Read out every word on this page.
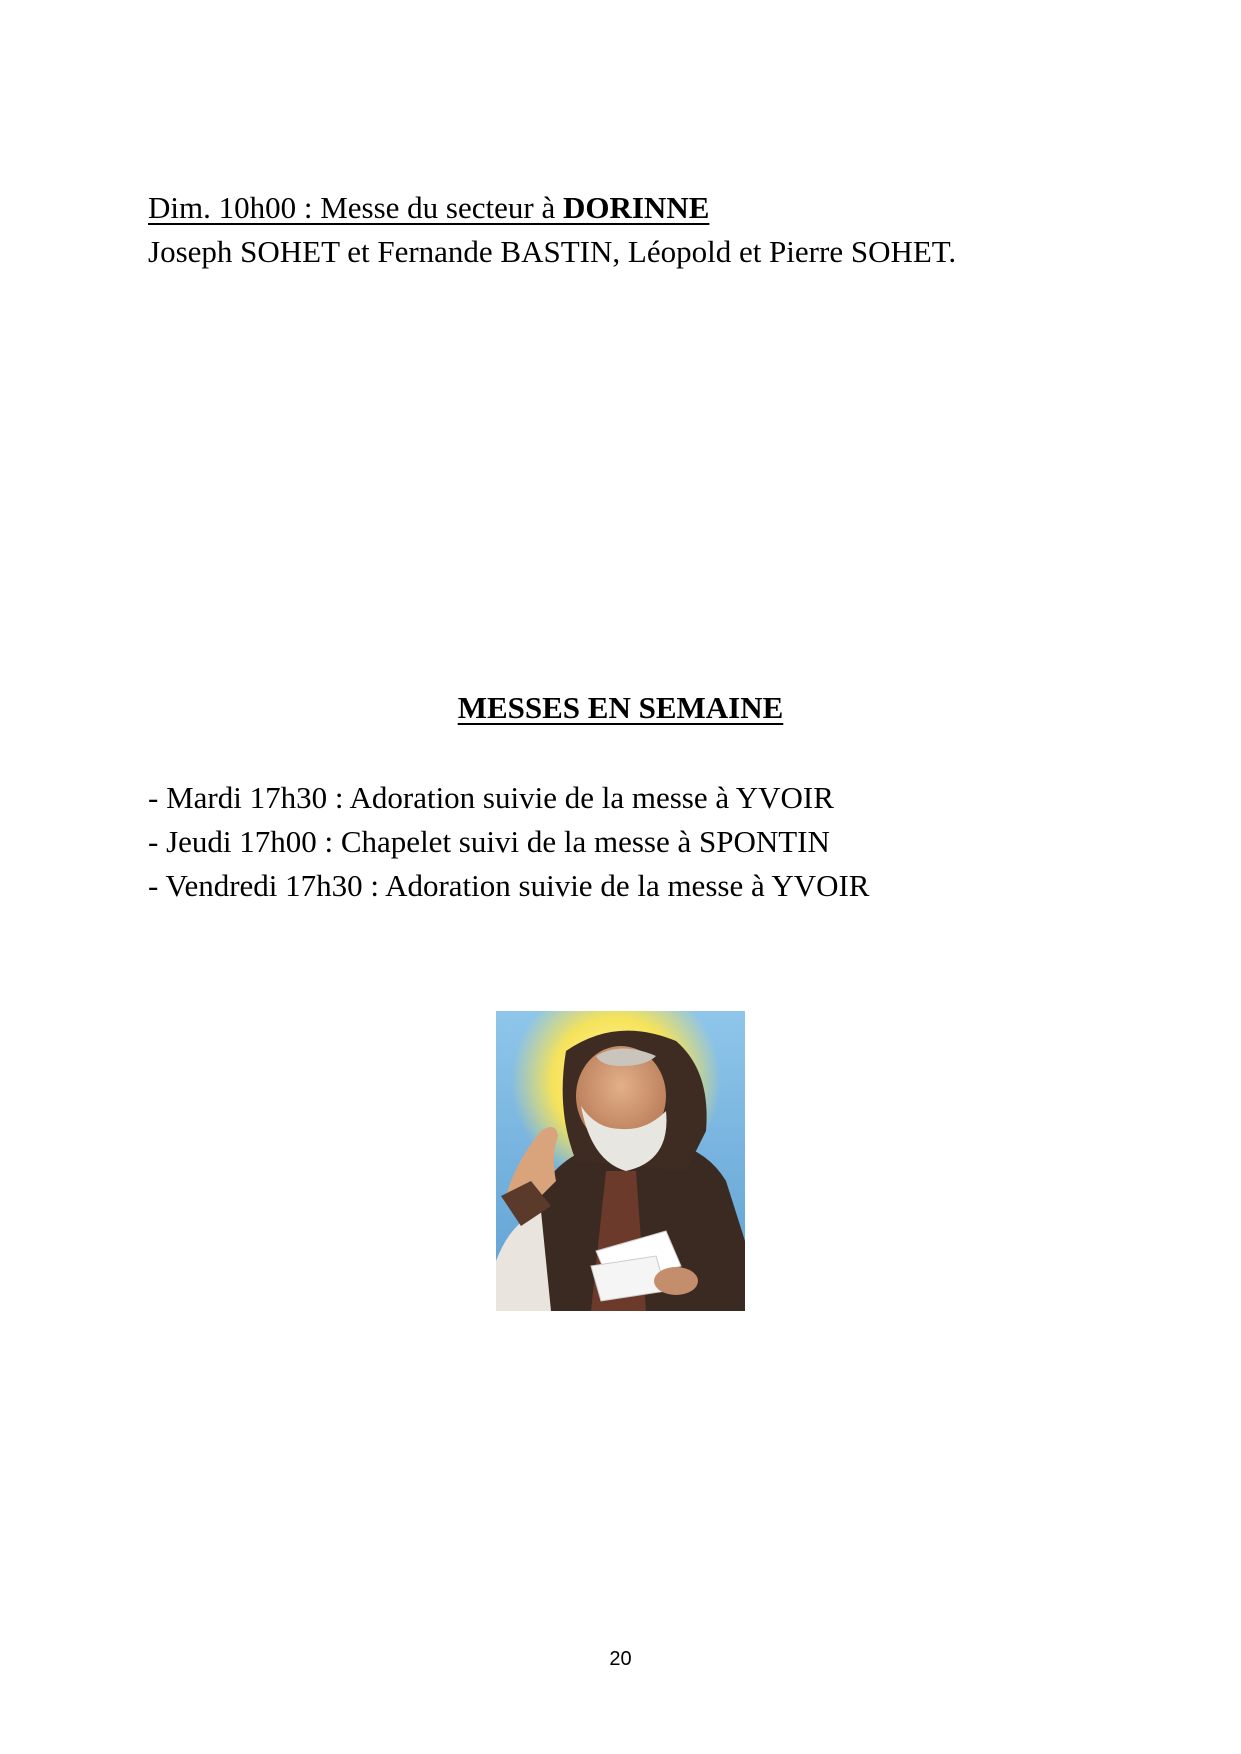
Dim. 10h00 : Messe du secteur à DORINNE
Joseph SOHET et Fernande BASTIN, Léopold et Pierre SOHET.
MESSES EN SEMAINE
- Mardi 17h30 : Adoration suivie de la messe à YVOIR
- Jeudi 17h00 : Chapelet suivi de la messe à SPONTIN
- Vendredi 17h30 : Adoration suivie de la messe à YVOIR
20
